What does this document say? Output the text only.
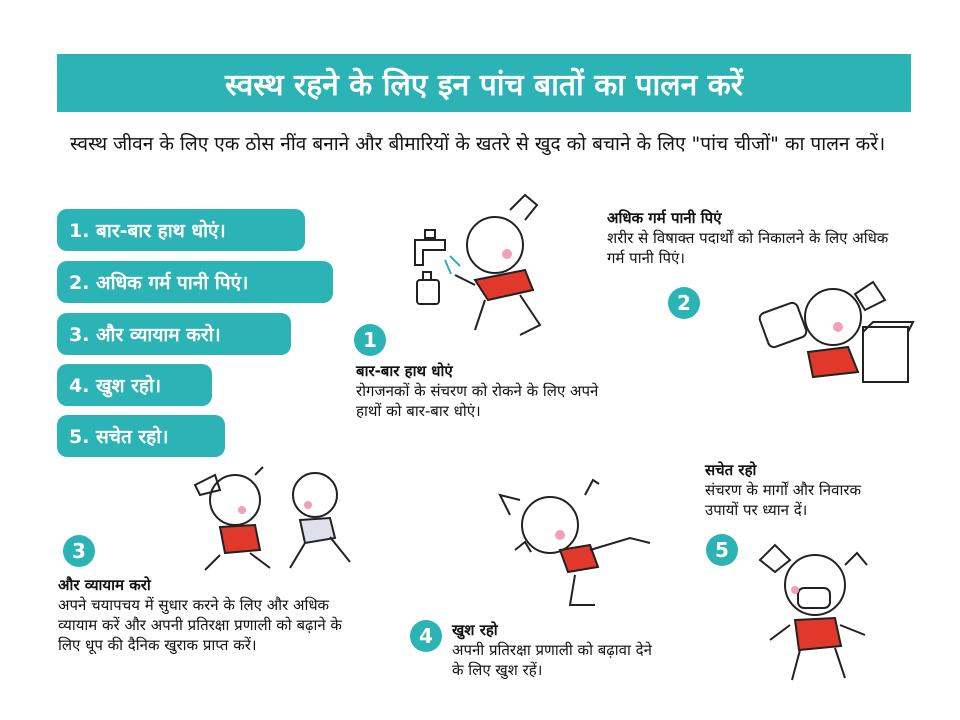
स्वस्थ रहने के लिए इन पांच बातों का पालन करें
स्वस्थ जीवन के लिए एक ठोस नींव बनाने और बीमारियों के खतरे से खुद को बचाने के लिए "पांच चीजों" का पालन करें।
1. बार-बार हाथ धोएं।
2. अधिक गर्म पानी पिएं।
3. और व्यायाम करो।
4. खुश रहो।
5. सचेत रहो।
1
बार-बार हाथ धोएं
रोगजनकों के संचरण को रोकने के लिए अपने हाथों को बार-बार धोएं।
अधिक गर्म पानी पिएं
शरीर से विषाक्त पदार्थों को निकालने के लिए अधिक गर्म पानी पिएं।
2
3
और व्यायाम करो
अपने चयापचय में सुधार करने के लिए और अधिक व्यायाम करें और अपनी प्रतिरक्षा प्रणाली को बढ़ाने के लिए धूप की दैनिक खुराक प्राप्त करें।	4	खुश रहो
अपनी प्रतिरक्षा प्रणाली को बढ़ावा देने के लिए खुश रहें।
सचेत रहो
संचरण के मार्गों और निवारक उपायों पर ध्यान दें।
5
